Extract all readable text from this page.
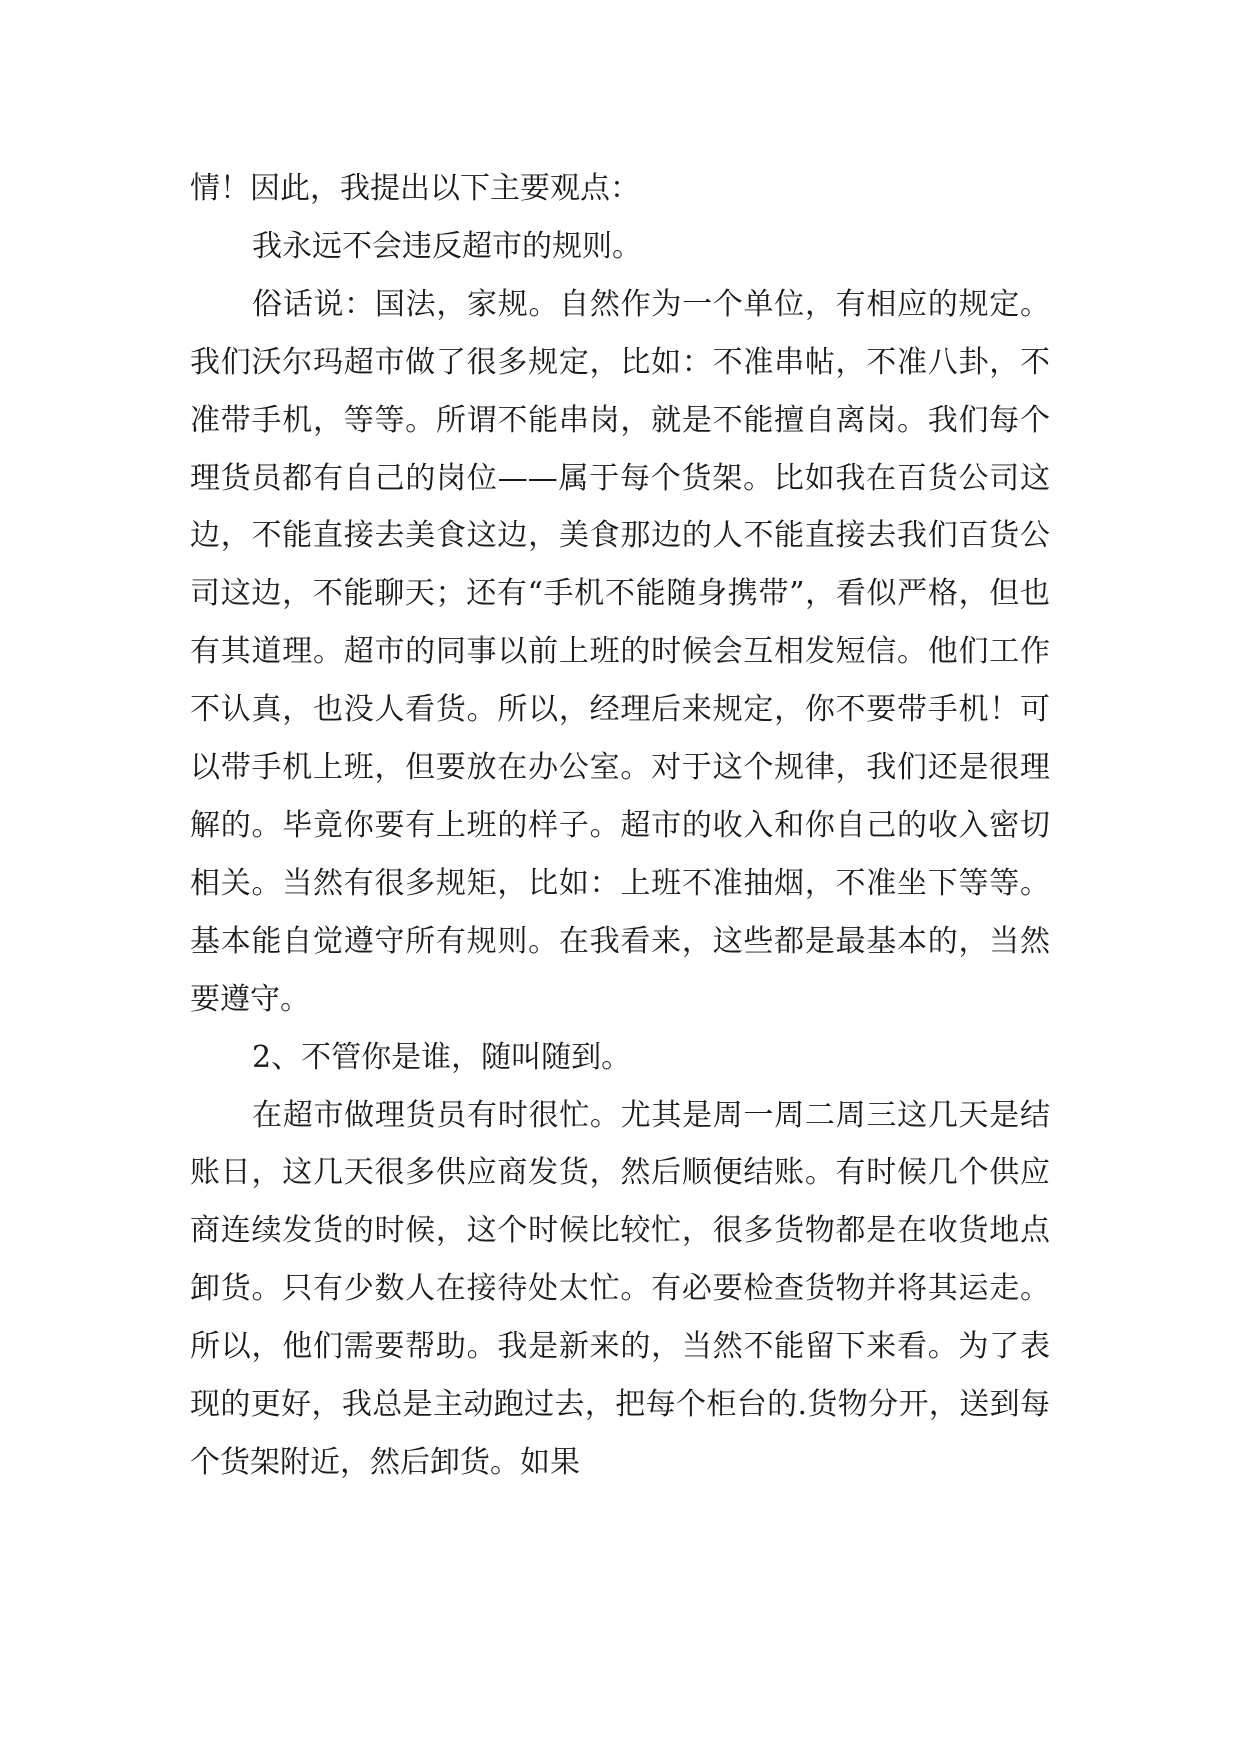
情！因此，我提出以下主要观点：

我永远不会违反超市的规则。

俗话说：国法，家规。自然作为一个单位，有相应的规定。我们沃尔玛超市做了很多规定，比如：不准串帖，不准八卦，不准带手机，等等。所谓不能串岗，就是不能擅自离岗。我们每个理货员都有自己的岗位——属于每个货架。比如我在百货公司这边，不能直接去美食这边，美食那边的人不能直接去我们百货公司这边，不能聊天；还有“手机不能随身携带”，看似严格，但也有其道理。超市的同事以前上班的时候会互相发短信。他们工作不认真，也没人看货。所以，经理后来规定，你不要带手机！可以带手机上班，但要放在办公室。对于这个规律，我们还是很理解的。毕竟你要有上班的样子。超市的收入和你自己的收入密切相关。当然有很多规矩，比如：上班不准抽烟，不准坐下等等。基本能自觉遵守所有规则。在我看来，这些都是最基本的，当然要遵守。

2、不管你是谁，随叫随到。

在超市做理货员有时很忙。尤其是周一周二周三这几天是结账日，这几天很多供应商发货，然后顺便结账。有时候几个供应商连续发货的时候，这个时候比较忙，很多货物都是在收货地点卸货。只有少数人在接待处太忙。有必要检查货物并将其运走。所以，他们需要帮助。我是新来的，当然不能留下来看。为了表现的更好，我总是主动跑过去，把每个柜台的.货物分开，送到每个货架附近，然后卸货。如果
